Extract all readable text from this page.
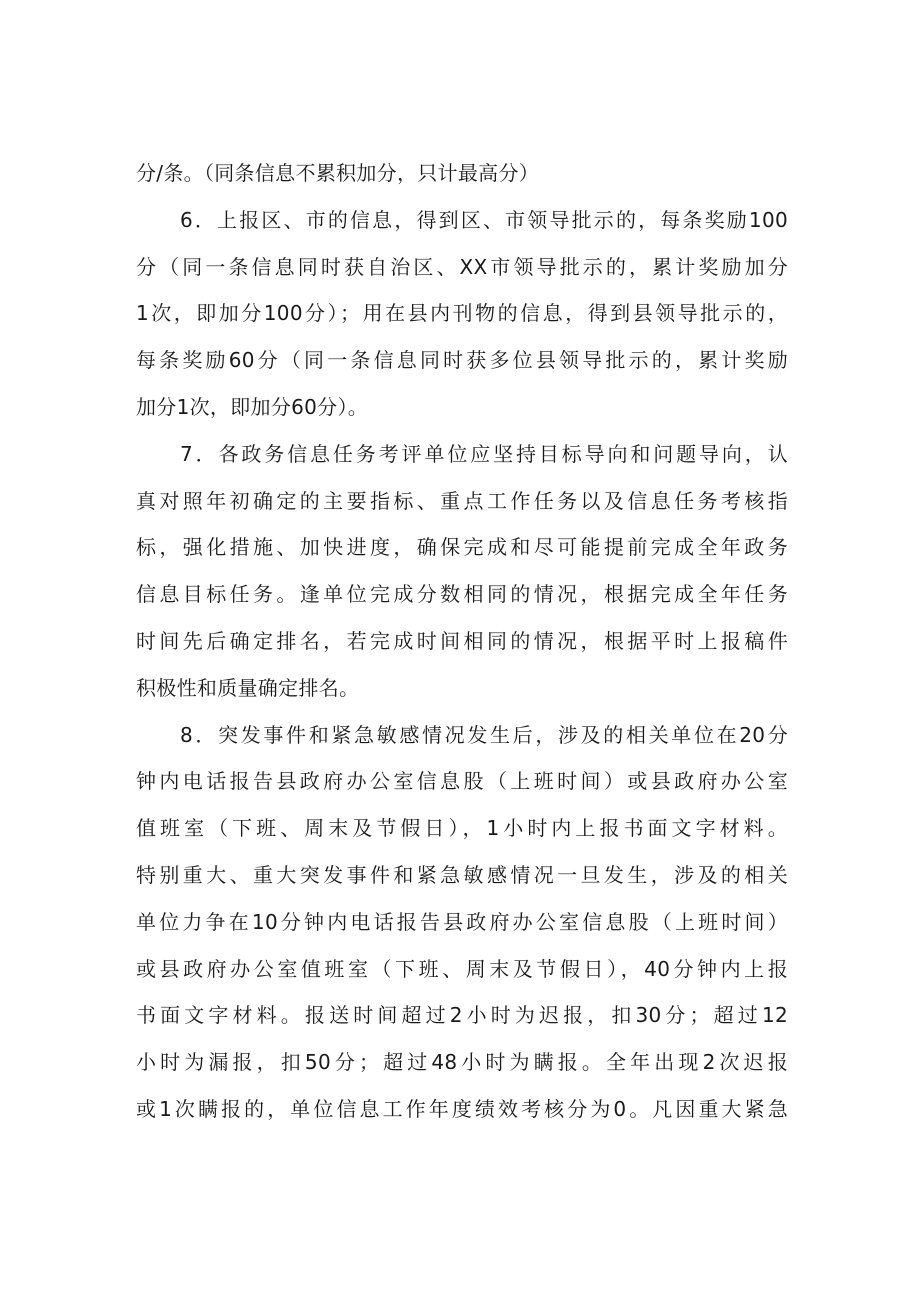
分/条。（同条信息不累积加分，只计最高分）
6．上报区、市的信息，得到区、市领导批示的，每条奖励100
分（同一条信息同时获自治区、XX市领导批示的，累计奖励加分
1次，即加分100分）；用在县内刊物的信息，得到县领导批示的，
每条奖励60分（同一条信息同时获多位县领导批示的，累计奖励
加分1次，即加分60分）。
7．各政务信息任务考评单位应坚持目标导向和问题导向，认
真对照年初确定的主要指标、重点工作任务以及信息任务考核指
标，强化措施、加快进度，确保完成和尽可能提前完成全年政务
信息目标任务。逢单位完成分数相同的情况，根据完成全年任务
时间先后确定排名，若完成时间相同的情况，根据平时上报稿件
积极性和质量确定排名。
8．突发事件和紧急敏感情况发生后，涉及的相关单位在20分
钟内电话报告县政府办公室信息股（上班时间）或县政府办公室
值班室（下班、周末及节假日），1小时内上报书面文字材料。
特别重大、重大突发事件和紧急敏感情况一旦发生，涉及的相关
单位力争在10分钟内电话报告县政府办公室信息股（上班时间）
或县政府办公室值班室（下班、周末及节假日），40分钟内上报
书面文字材料。报送时间超过2小时为迟报，扣30分；超过12
小时为漏报，扣50分；超过48小时为瞒报。全年出现2次迟报
或1次瞒报的，单位信息工作年度绩效考核分为0。凡因重大紧急
